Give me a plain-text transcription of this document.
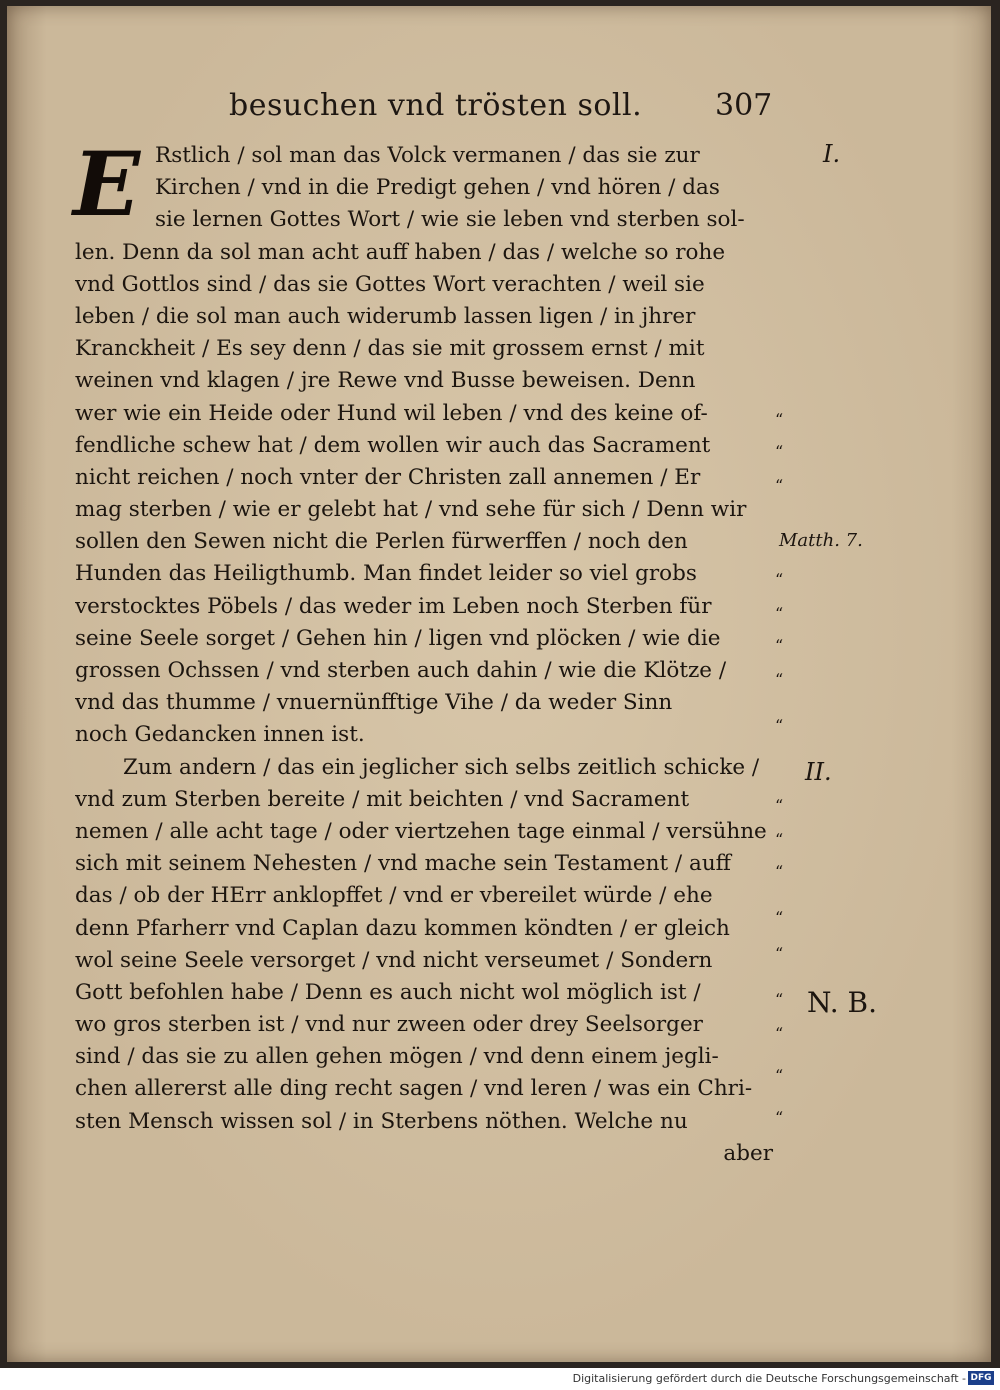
besuchen vnd trösten soll. 307
E Rstlich / sol man das Volck vermanen / das sie zur
Kirchen / vnd in die Predigt gehen / vnd hören / das
sie lernen Gottes Wort / wie sie leben vnd sterben sol-
len. Denn da sol man acht auff haben / das / welche so rohe
vnd Gottlos sind / das sie Gottes Wort verachten / weil sie
leben / die sol man auch widerumb lassen ligen / in jhrer
Kranckheit / Es sey denn / das sie mit grossem ernst / mit
weinen vnd klagen / jre Rewe vnd Busse beweisen. Denn
wer wie ein Heide oder Hund wil leben / vnd des keine of-
fendliche schew hat / dem wollen wir auch das Sacrament
nicht reichen / noch vnter der Christen zall annemen / Er
mag sterben / wie er gelebt hat / vnd sehe für sich / Denn wir
sollen den Sewen nicht die Perlen fürwerffen / noch den
Hunden das Heiligthumb. Man findet leider so viel grobs
verstocktes Pöbels / das weder im Leben noch Sterben für
seine Seele sorget / Gehen hin / ligen vnd plöcken / wie die
grossen Ochssen / vnd sterben auch dahin / wie die Klötze /
vnd das thumme / vnuernünfftige Vihe / da weder Sinn
noch Gedancken innen ist.
Zum andern / das ein jeglicher sich selbs zeitlich schicke /
vnd zum Sterben bereite / mit beichten / vnd Sacrament
nemen / alle acht tage / oder viertzehen tage einmal / versühne
sich mit seinem Nehesten / vnd mache sein Testament / auff
das / ob der HErr anklopffet / vnd er vbereilet würde / ehe
denn Pfarherr vnd Caplan dazu kommen köndten / er gleich
wol seine Seele versorget / vnd nicht verseumet / Sondern
Gott befohlen habe / Denn es auch nicht wol möglich ist /
wo gros sterben ist / vnd nur zween oder drey Seelsorger
sind / das sie zu allen gehen mögen / vnd denn einem jegli-
chen allererst alle ding recht sagen / vnd leren / was ein Chri-
sten Mensch wissen sol / in Sterbens nöthen. Welche nu
aber
I.
Matth. 7.
II.
N. B.
“
“
“
“
“
“
“
“
“
“
“
“
“
“
“
“
“
Digitalisierung gefördert durch die Deutsche Forschungsgemeinschaft - DFG
